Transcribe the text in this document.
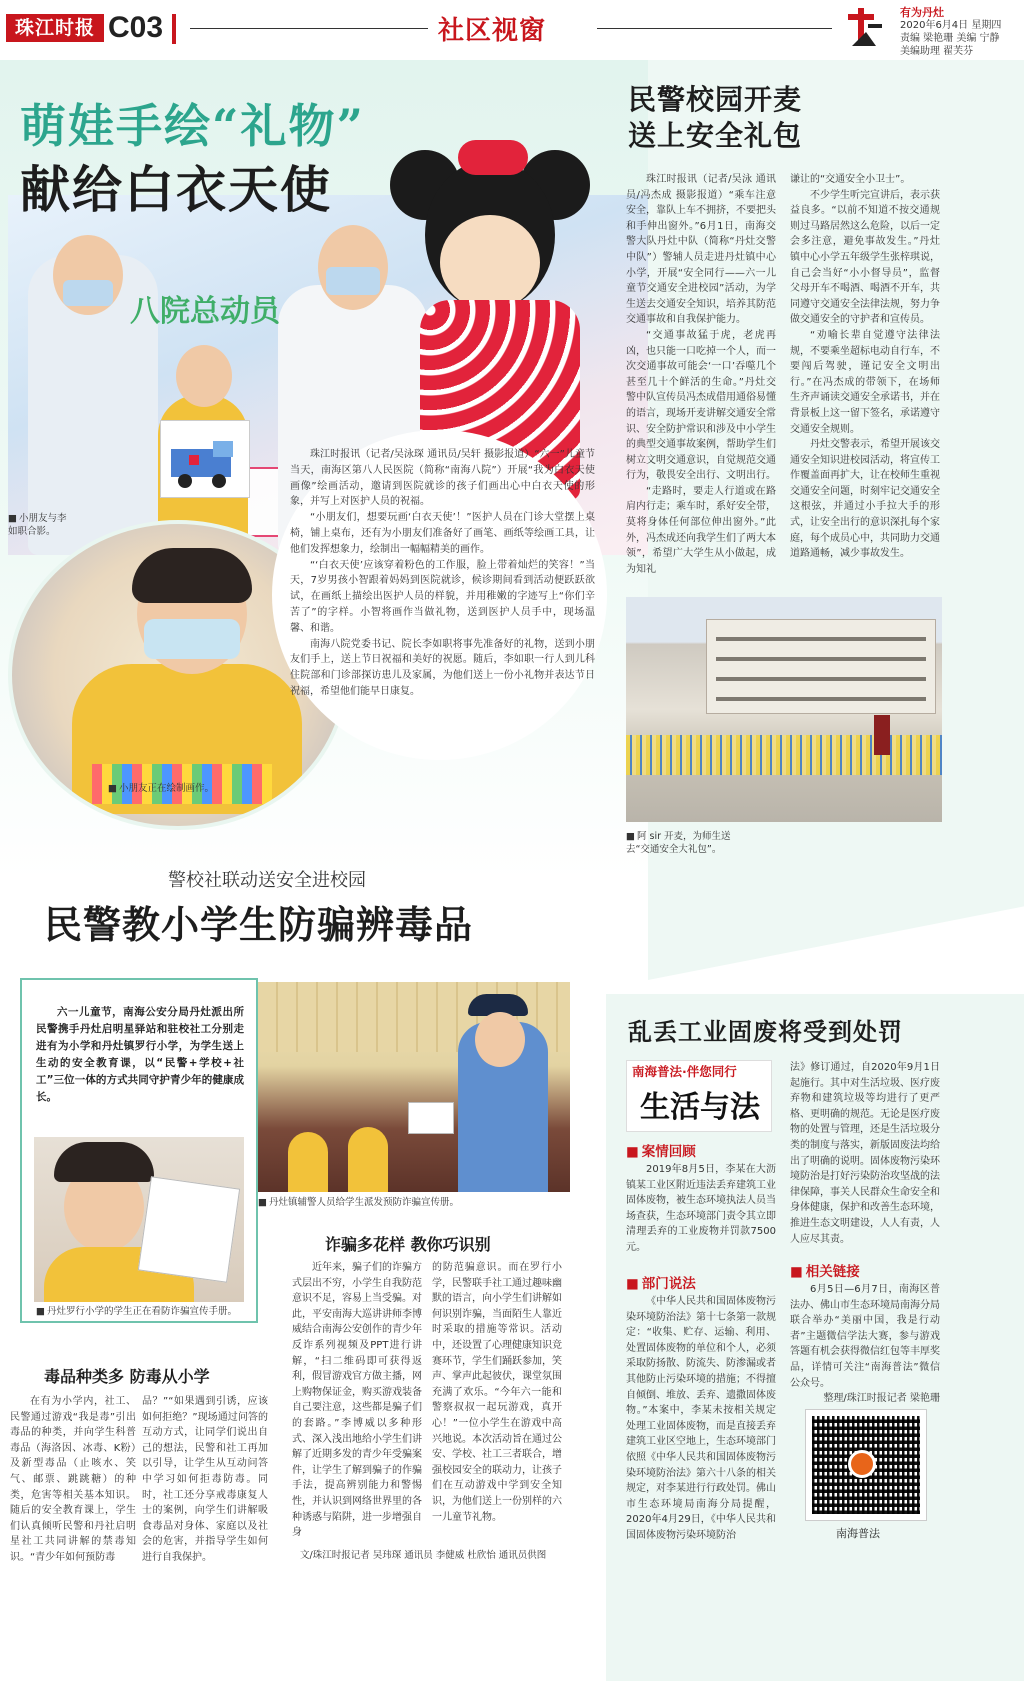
珠江时报 C03	社区视窗
有为丹灶
2020年6月4日 星期四
责编 梁艳珊 美编 宁静
美编助理 翟芙芬
八院总动员
萌娃手绘“礼物”
献给白衣天使
■ 小朋友与李如职合影。
■ 小朋友正在绘制画作。

珠江时报讯（记者/吴泳琛 通讯员/吴轩 摄影报道）“六一”儿童节当天，南海区第八人民医院（简称“南海八院”）开展“我为白衣天使画像”绘画活动，邀请到医院就诊的孩子们画出心中白衣天使的形象，并写上对医护人员的祝福。

“小朋友们，想要玩画‘白衣天使’！”医护人员在门诊大堂摆上桌椅，铺上桌布，还有为小朋友们准备好了画笔、画纸等绘画工具，让他们发挥想象力，绘制出一幅幅精美的画作。

“‘白衣天使’应该穿着粉色的工作服，脸上带着灿烂的笑容！”当天，7岁男孩小智跟着妈妈到医院就诊，候诊期间看到活动便跃跃欲试，在画纸上描绘出医护人员的样貌，并用稚嫩的字迹写上“你们辛苦了”的字样。小智将画作当做礼物，送到医护人员手中，现场温馨、和谐。

南海八院党委书记、院长李如职将事先准备好的礼物，送到小朋友们手上，送上节日祝福和美好的祝愿。随后，李如职一行人到儿科住院部和门诊部探访患儿及家属，为他们送上一份小礼物并表达节日祝福，希望他们能早日康复。

民警校园开麦
送上安全礼包

珠江时报讯（记者/吴泳 通讯员/冯杰成 摄影报道）“乘车注意安全，靠队上车不拥挤，不要把头和手伸出窗外。”6月1日，南海交警大队丹灶中队（简称“丹灶交警中队”）警辅人员走进丹灶镇中心小学，开展“安全同行——六一儿童节交通安全进校园”活动，为学生送去交通安全知识，培养其防范交通事故和自我保护能力。

“交通事故猛于虎，老虎再凶，也只能一口吃掉一个人，而一次交通事故可能会‘一口’吞噬几个甚至几十个鲜活的生命。”丹灶交警中队宣传员冯杰成借用通俗易懂的语言，现场开麦讲解交通安全常识、安全防护常识和涉及中小学生的典型交通事故案例，帮助学生们树立文明交通意识，自觉规范交通行为，敬畏安全出行、文明出行。

“走路时，要走人行道或在路肩内行走；乘车时，系好安全带，莫将身体任何部位伸出窗外。”此外，冯杰成还向我学生们了两大本领”，希望广大学生从小做起，成为知礼

谦让的“交通安全小卫士”。

不少学生听完宣讲后，表示获益良多。“以前不知道不按交通规则过马路居然这么危险，以后一定会多注意，避免事故发生。”丹灶镇中心小学五年级学生张梓琪说，自己会当好“小小督导员”，监督父母开车不喝酒、喝酒不开车，共同遵守交通安全法律法规，努力争做交通安全的守护者和宣传员。

“劝喻长辈自觉遵守法律法规，不要乘坐超标电动自行车，不要闯后驾驶，谨记安全文明出行。”在冯杰成的带领下，在场师生齐声诵读交通安全承诺书，并在背景板上这一留下签名，承诺遵守交通安全规则。

丹灶交警表示，希望开展该交通安全知识进校园活动，将宣传工作覆盖面再扩大，让在校师生重视交通安全问题，时刻牢记交通安全这根弦，并通过小手拉大手的形式，让安全出行的意识深扎每个家庭，每个成员心中，共同助力交通道路通畅，减少事故发生。

■ 阿 sir 开麦，为师生送去“交通安全大礼包”。
警校社联动送安全进校园
民警教小学生防骗辨毒品

六一儿童节，南海公安分局丹灶派出所民警携手丹灶启明星驿站和驻校社工分别走进有为小学和丹灶镇罗行小学，为学生送上生动的安全教育课，以“民警+学校+社工”三位一体的方式共同守护青少年的健康成长。

■ 丹灶罗行小学的学生正在看防诈骗宣传手册。
■ 丹灶镇辅警人员给学生派发预防诈骗宣传册。
诈骗多花样 教你巧识别

近年来，骗子们的诈骗方式层出不穷，小学生自我防范意识不足，容易上当受骗。对此，平安南海大巡讲讲师李博威结合南海公安创作的青少年反诈系列视频及PPT进行讲解，“扫二维码即可获得返利，假冒游戏官方做主播，网上购物保证金，购买游戏装备自己要注意，这些都是骗子们的套路。”李博威以多种形式、深入浅出地给小学生们讲解了近期多发的青少年受骗案件，让学生了解到骗子的作骗手法，提高辨别能力和警惕性，并认识到网络世界里的各种诱惑与陷阱，进一步增强自身

的防范骗意识。而在罗行小学，民警联手社工通过趣味幽默的语言，向小学生们讲解如何识别诈骗，当面陌生人靠近时采取的措施等常识。活动中，还设置了心理健康知识竞赛环节，学生们踊跃参加，笑声、掌声此起彼伏，课堂氛围充满了欢乐。“今年六一能和警察叔叔一起玩游戏，真开心！”一位小学生在游戏中高兴地说。本次活动旨在通过公安、学校、社工三者联合，增强校园安全的联动力，让孩子们在互动游戏中学到安全知识，为他们送上一份别样的六一儿童节礼物。

毒品种类多 防毒从小学

在有为小学内，社工、民警通过游戏“我是毒”引出毒品的种类，并向学生科普毒品（海洛因、冰毒、K粉）及新型毒品（止咳水、笑气、邮票、跳跳糖）的种类，危害等相关基本知识。随后的安全教育课上，学生们认真倾听民警和丹社启明星社工共同讲解的禁毒知识。“青少年如何预防毒

品？”“如果遇到引诱，应该如何拒绝？”现场通过问答的互动方式，让同学们说出自己的想法，民警和社工再加以引导，让学生从互动问答中学习如何拒毒防毒。同时，社工还分享戒毒康复人士的案例，向学生们讲解吸食毒品对身体、家庭以及社会的危害，并指导学生如何进行自我保护。	文/珠江时报记者 吴玮琛 通讯员 李健威 杜欣怡 通讯员供图
乱丢工业固废将受到处罚
南海普法·伴您同行
生活与法
■ 案情回顾

2019年8月5日，李某在大沥镇某工业区附近违法丢弃建筑工业固体废物，被生态环境执法人员当场查获，生态环境部门责令其立即清理丢弃的工业废物并罚款7500元。

■ 部门说法

《中华人民共和国固体废物污染环境防治法》第十七条第一款规定：“收集、贮存、运输、利用、处置固体废物的单位和个人，必须采取防扬散、防流失、防渗漏或者其他防止污染环境的措施；不得擅自倾倒、堆放、丢弃、遗撒固体废物。”本案中，李某未按相关规定处理工业固体废物，而是直接丢弃建筑工业区空地上，生态环境部门依照《中华人民共和国固体废物污染环境防治法》第六十八条的相关规定，对李某进行行政处罚。佛山市生态环境局南海分局提醒，2020年4月29日，《中华人民共和国固体废物污染环境防治

法》修订通过，自2020年9月1日起施行。其中对生活垃圾、医疗废弃物和建筑垃圾等均进行了更严格、更明确的规范。无论是医疗废物的处置与管理，还是生活垃圾分类的制度与落实，新版固废法均给出了明确的说明。固体废物污染环境防治是打好污染防治攻坚战的法律保障，事关人民群众生命安全和身体健康，保护和改善生态环境，推进生态文明建设，人人有责，人人应尽其责。

■ 相关链接

6月5日—6月7日，南海区普法办、佛山市生态环境局南海分局联合举办“美丽中国，我是行动者”主题微信学法大赛，参与游戏答题有机会获得微信红包等丰厚奖品，详情可关注“南海普法”微信公众号。

整理/珠江时报记者 梁艳珊

南海普法
